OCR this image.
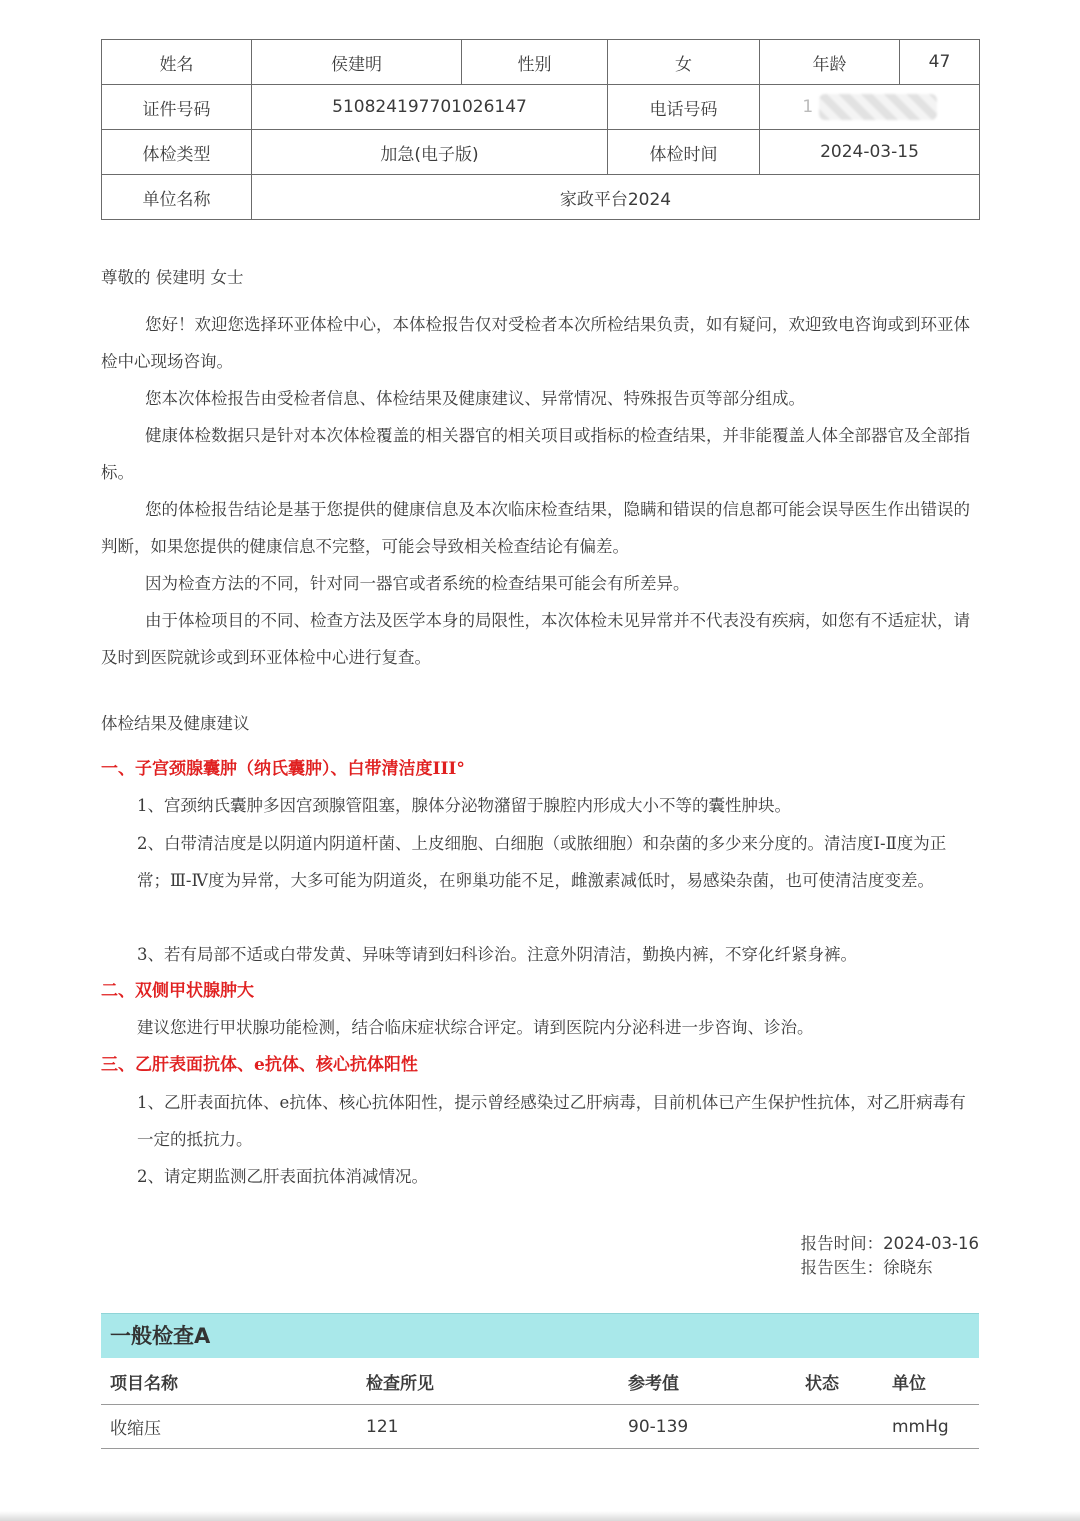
姓名	侯建明	性别	女	年龄	47
证件号码	510824197701026147		电话号码	1	
体检类型	加急(电子版)		体检时间	2024-03-15	
单位名称	家政平台2024				

尊敬的 侯建明 女士

您好！欢迎您选择环亚体检中心，本体检报告仅对受检者本次所检结果负责，如有疑问，欢迎致电咨询或到环亚体检中心现场咨询。

您本次体检报告由受检者信息、体检结果及健康建议、异常情况、特殊报告页等部分组成。

健康体检数据只是针对本次体检覆盖的相关器官的相关项目或指标的检查结果，并非能覆盖人体全部器官及全部指标。

您的体检报告结论是基于您提供的健康信息及本次临床检查结果，隐瞒和错误的信息都可能会误导医生作出错误的判断，如果您提供的健康信息不完整，可能会导致相关检查结论有偏差。

因为检查方法的不同，针对同一器官或者系统的检查结果可能会有所差异。

由于体检项目的不同、检查方法及医学本身的局限性，本次体检未见异常并不代表没有疾病，如您有不适症状，请及时到医院就诊或到环亚体检中心进行复查。

体检结果及健康建议

一、子宫颈腺囊肿（纳氏囊肿）、白带清洁度III°

1、宫颈纳氏囊肿多因宫颈腺管阻塞，腺体分泌物潴留于腺腔内形成大小不等的囊性肿块。

2、白带清洁度是以阴道内阴道杆菌、上皮细胞、白细胞（或脓细胞）和杂菌的多少来分度的。清洁度Ⅰ-Ⅱ度为正常；Ⅲ-Ⅳ度为异常，大多可能为阴道炎，在卵巢功能不足，雌激素减低时，易感染杂菌，也可使清洁度变差。

3、若有局部不适或白带发黄、异味等请到妇科诊治。注意外阴清洁，勤换内裤，不穿化纤紧身裤。

二、双侧甲状腺肿大

建议您进行甲状腺功能检测，结合临床症状综合评定。请到医院内分泌科进一步咨询、诊治。

三、乙肝表面抗体、e抗体、核心抗体阳性

1、乙肝表面抗体、e抗体、核心抗体阳性，提示曾经感染过乙肝病毒，目前机体已产生保护性抗体，对乙肝病毒有一定的抵抗力。

2、请定期监测乙肝表面抗体消减情况。

报告时间：2024-03-16
报告医生：徐晓东
一般检查A
项目名称	检查所见	参考值	状态	单位
收缩压	121	90-139		mmHg
